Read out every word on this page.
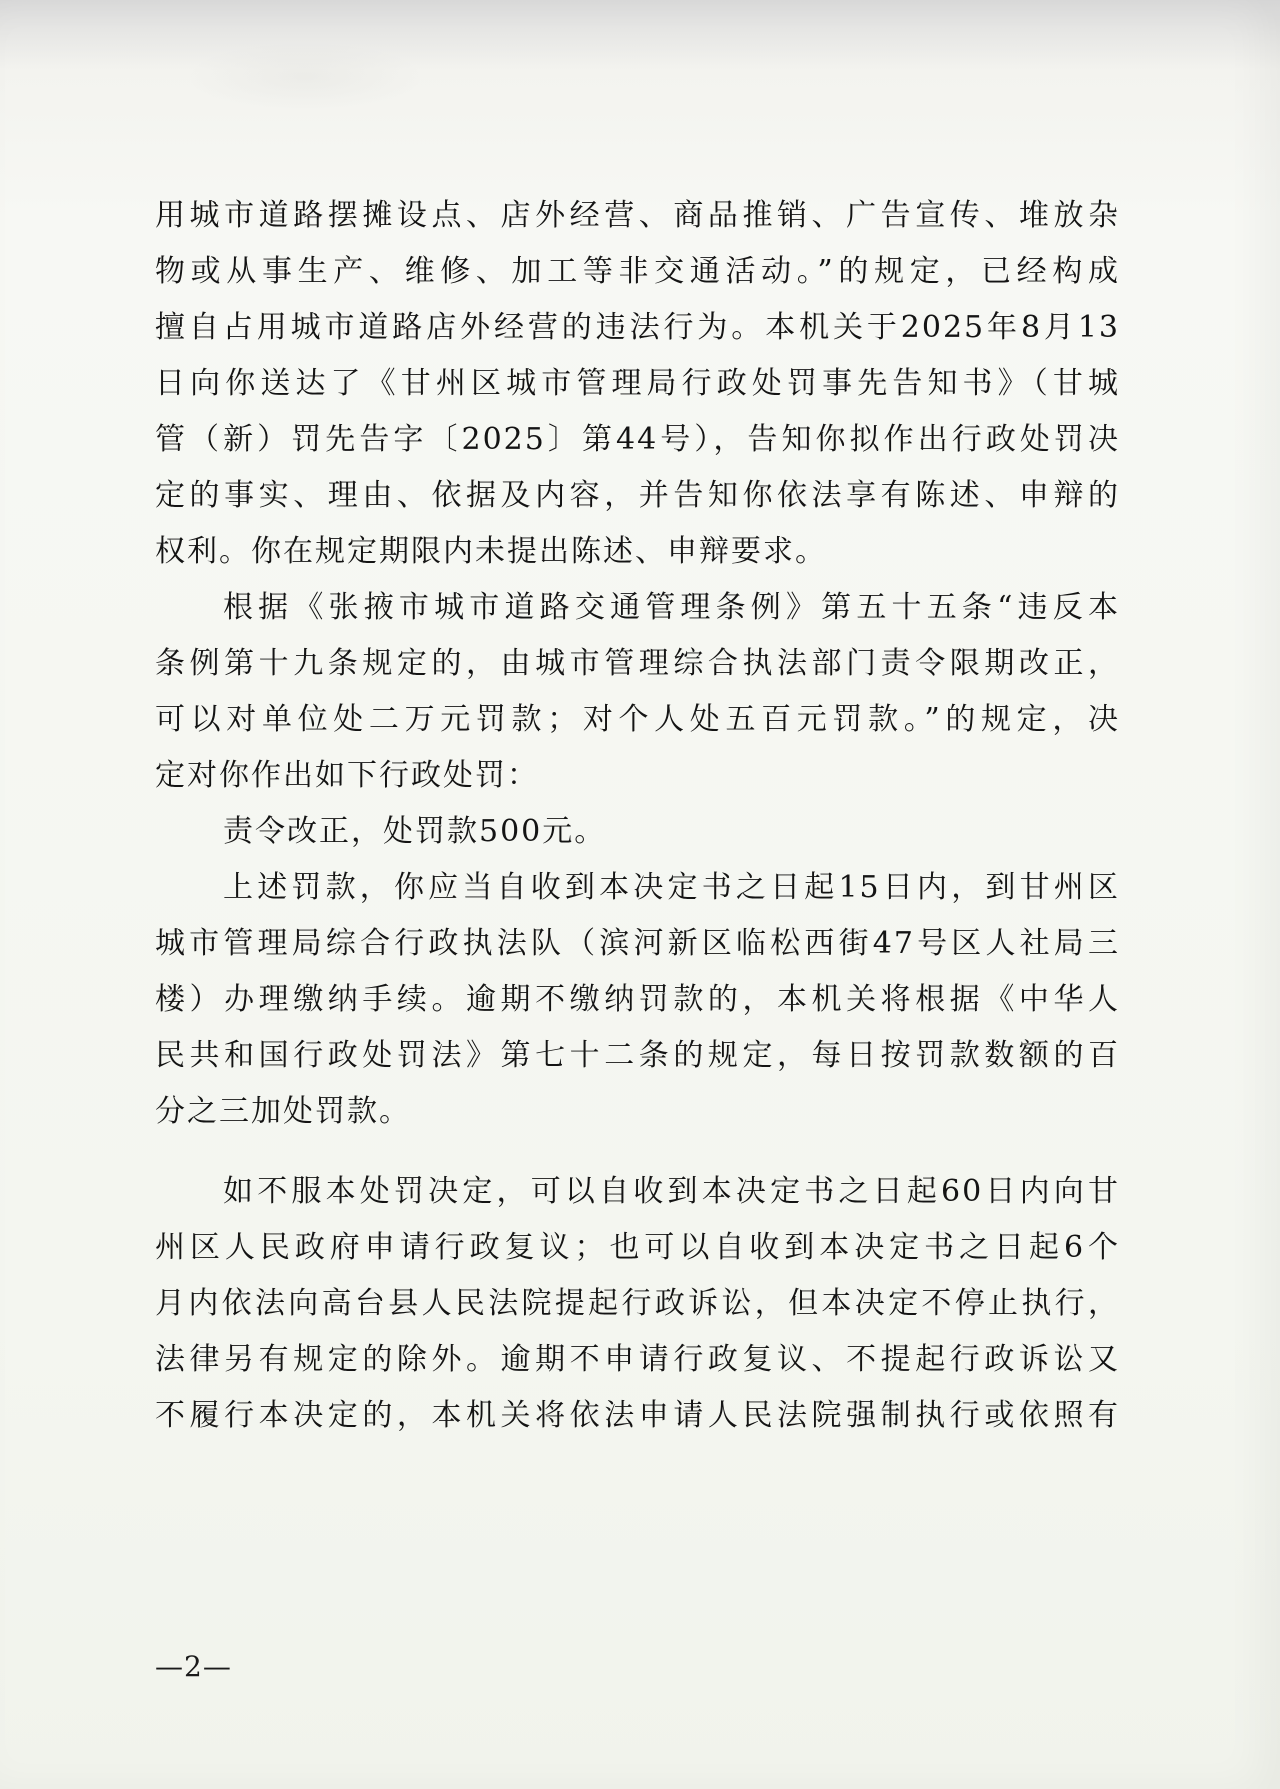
用城市道路摆摊设点、店外经营、商品推销、广告宣传、堆放杂
物或从事生产、维修、加工等非交通活动。”的规定，已经构成
擅自占用城市道路店外经营的违法行为。本机关于2025年8月13
日向你送达了《甘州区城市管理局行政处罚事先告知书》（甘城
管（新）罚先告字〔2025〕第44号），告知你拟作出行政处罚决
定的事实、理由、依据及内容，并告知你依法享有陈述、申辩的
权利。你在规定期限内未提出陈述、申辩要求。
根据《张掖市城市道路交通管理条例》第五十五条“违反本
条例第十九条规定的，由城市管理综合执法部门责令限期改正，
可以对单位处二万元罚款；对个人处五百元罚款。”的规定，决
定对你作出如下行政处罚：
责令改正，处罚款500元。
上述罚款，你应当自收到本决定书之日起15日内，到甘州区
城市管理局综合行政执法队（滨河新区临松西街47号区人社局三
楼）办理缴纳手续。逾期不缴纳罚款的，本机关将根据《中华人
民共和国行政处罚法》第七十二条的规定，每日按罚款数额的百
分之三加处罚款。
如不服本处罚决定，可以自收到本决定书之日起60日内向甘
州区人民政府申请行政复议；也可以自收到本决定书之日起6个
月内依法向高台县人民法院提起行政诉讼，但本决定不停止执行，
法律另有规定的除外。逾期不申请行政复议、不提起行政诉讼又
不履行本决定的，本机关将依法申请人民法院强制执行或依照有
—2—
